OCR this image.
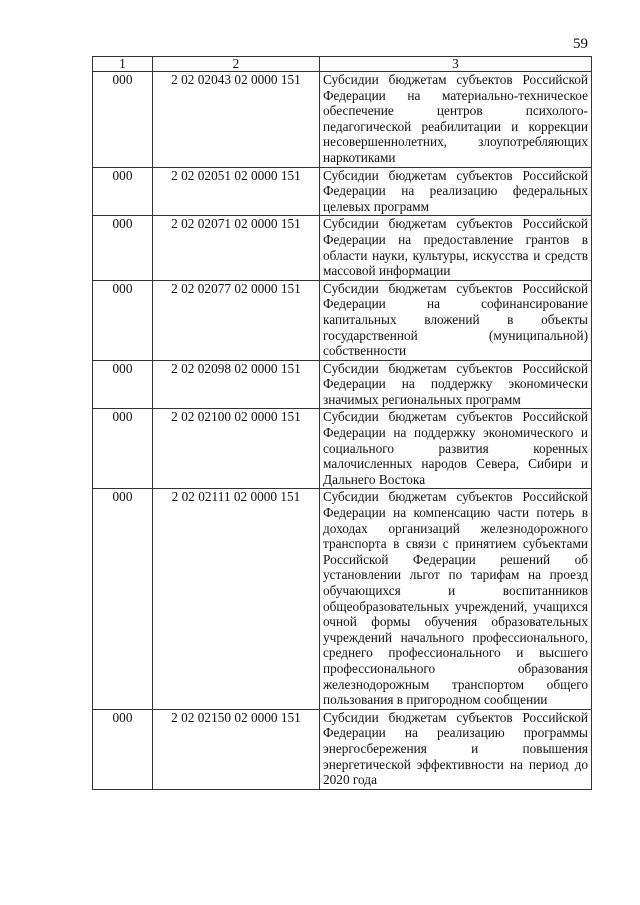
59
1	2	3
000	2 02 02043 02 0000 151	Субсидии бюджетам субъектов Российской Федерации на материально-техническое обеспечение центров психолого-педагогической реабилитации и коррекции несовершеннолетних, злоупотребляющих наркотиками
000	2 02 02051 02 0000 151	Субсидии бюджетам субъектов Российской Федерации на реализацию федеральных целевых программ
000	2 02 02071 02 0000 151	Субсидии бюджетам субъектов Российской Федерации на предоставление грантов в области науки, культуры, искусства и средств массовой информации
000	2 02 02077 02 0000 151	Субсидии бюджетам субъектов Российской Федерации на софинансирование капитальных вложений в объекты государственной (муниципальной) собственности
000	2 02 02098 02 0000 151	Субсидии бюджетам субъектов Российской Федерации на поддержку экономически значимых региональных программ
000	2 02 02100 02 0000 151	Субсидии бюджетам субъектов Российской Федерации на поддержку экономического и социального развития коренных малочисленных народов Севера, Сибири и Дальнего Востока
000	2 02 02111 02 0000 151	Субсидии бюджетам субъектов Российской Федерации на компенсацию части потерь в доходах организаций железнодорожного транспорта в связи с принятием субъектами Российской Федерации решений об установлении льгот по тарифам на проезд обучающихся и воспитанников общеобразовательных учреждений, учащихся очной формы обучения образовательных учреждений начального профессионального, среднего профессионального и высшего профессионального образования железнодорожным транспортом общего пользования в пригородном сообщении
000	2 02 02150 02 0000 151	Субсидии бюджетам субъектов Российской Федерации на реализацию программы энергосбережения и повышения энергетической эффективности на период до 2020 года
